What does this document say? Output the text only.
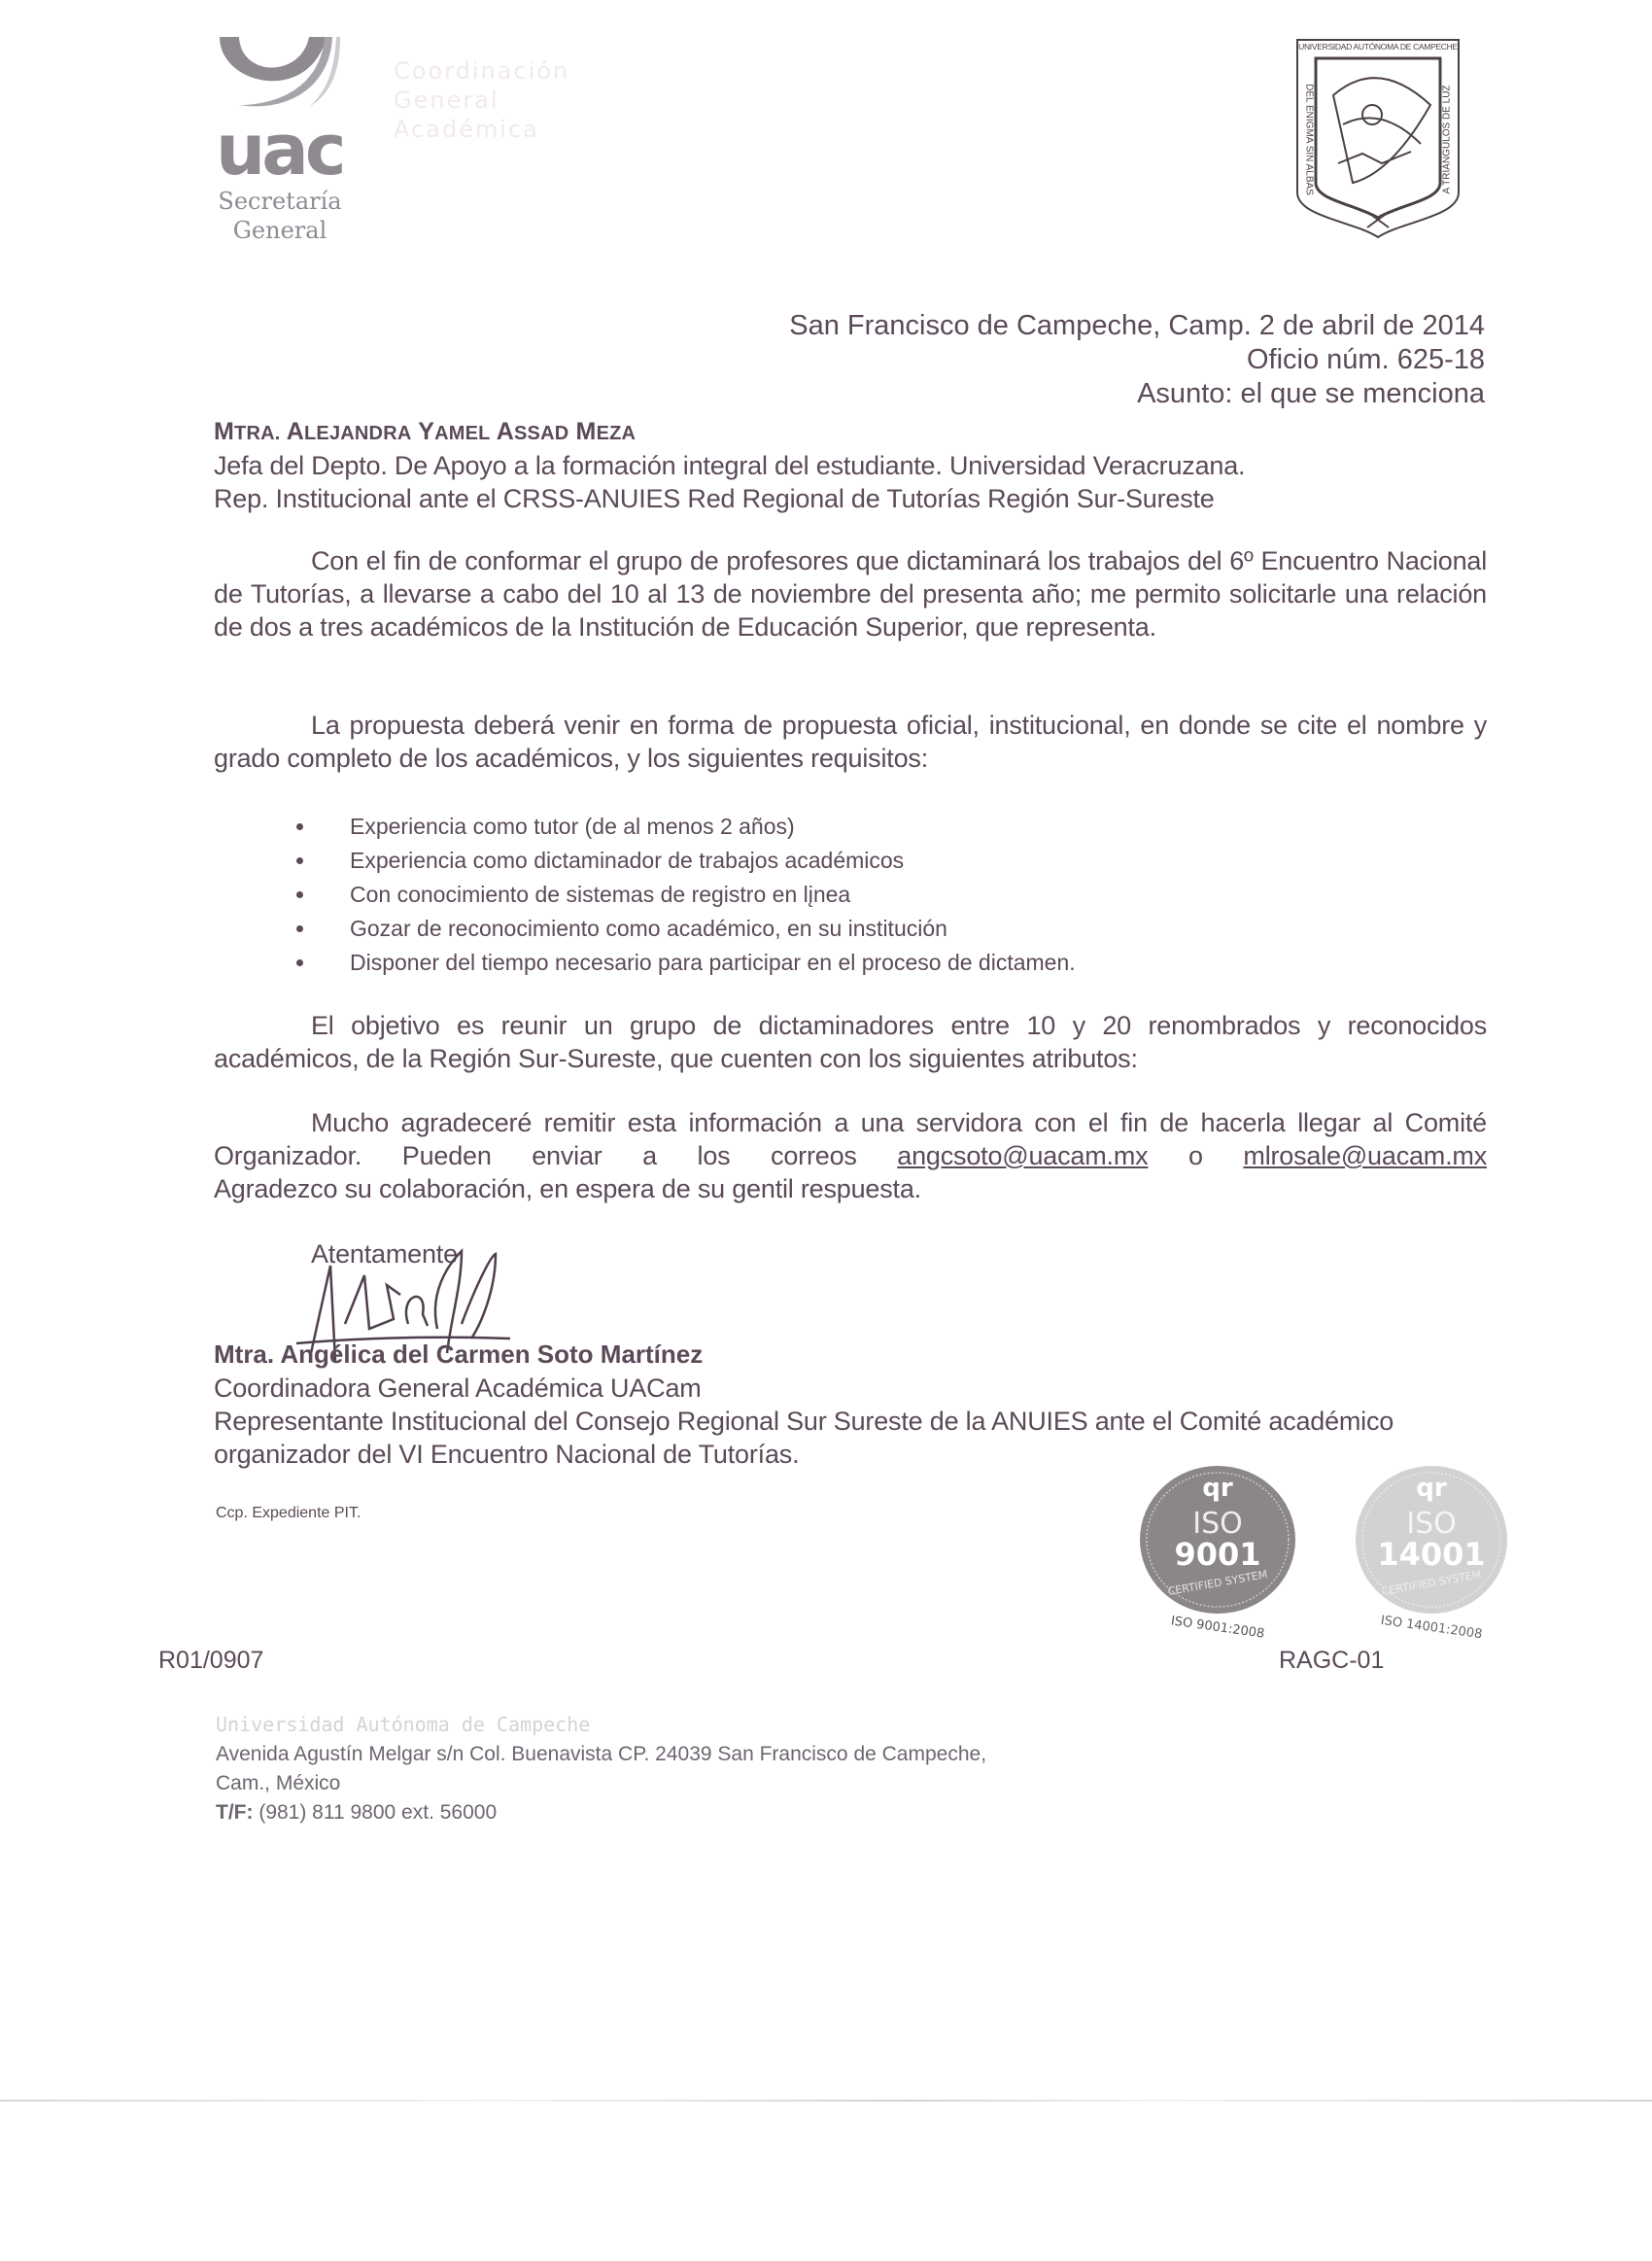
uac
Secretaría
General
Coordinación
General
Académica
UNIVERSIDAD AUTÓNOMA DE CAMPECHE
DEL ENIGMA SIN ALBAS	A TRIÁNGULOS DE LUZ
San Francisco de Campeche, Camp. 2 de abril de 2014
Oficio núm. 625-18
Asunto: el que se menciona
MTRA. ALEJANDRA YAMEL ASSAD MEZA
Jefa del Depto. De Apoyo a la formación integral del estudiante. Universidad Veracruzana.
Rep. Institucional ante el CRSS-ANUIES Red Regional de Tutorías Región Sur-Sureste

Con el fin de conformar el grupo de profesores que dictaminará los trabajos del 6º Encuentro Nacional de Tutorías, a llevarse a cabo del 10 al 13 de noviembre del presenta año; me permito solicitarle una relación de dos a tres académicos de la Institución de Educación Superior, que representa.

La propuesta deberá venir en forma de propuesta oficial, institucional, en donde se cite el nombre y grado completo de los académicos, y los siguientes requisitos:

Experiencia como tutor (de al menos 2 años)
Experiencia como dictaminador de trabajos académicos
Con conocimiento de sistemas de registro en lįnea
Gozar de reconocimiento como académico, en su institución
Disponer del tiempo necesario para participar en el proceso de dictamen.

El objetivo es reunir un grupo de dictaminadores entre 10 y 20 renombrados y reconocidos académicos, de la Región Sur-Sureste, que cuenten con los siguientes atributos:

Mucho agradeceré remitir esta información a una servidora con el fin de hacerla llegar al Comité Organizador. Pueden enviar a los correos angcsoto@uacam.mx o mlrosale@uacam.mx
Agradezco su colaboración, en espera de su gentil respuesta.
Atentamente
Mtra. Angélica del Carmen Soto Martínez
Coordinadora General Académica UACam
Representante Institucional del Consejo Regional Sur Sureste de la ANUIES ante el Comité académico organizador del VI Encuentro Nacional de Tutorías.
Ccp. Expediente PIT.
qr
ISO
9001
CERTIFIED SYSTEM
ISO 9001:2008
qr
ISO
14001
CERTIFIED SYSTEM
ISO 14001:2008
R01/0907	RAGC-01
Universidad Autónoma de Campeche
Avenida Agustín Melgar s/n Col. Buenavista CP. 24039 San Francisco de Campeche,
Cam., México
T/F: (981) 811 9800 ext. 56000
